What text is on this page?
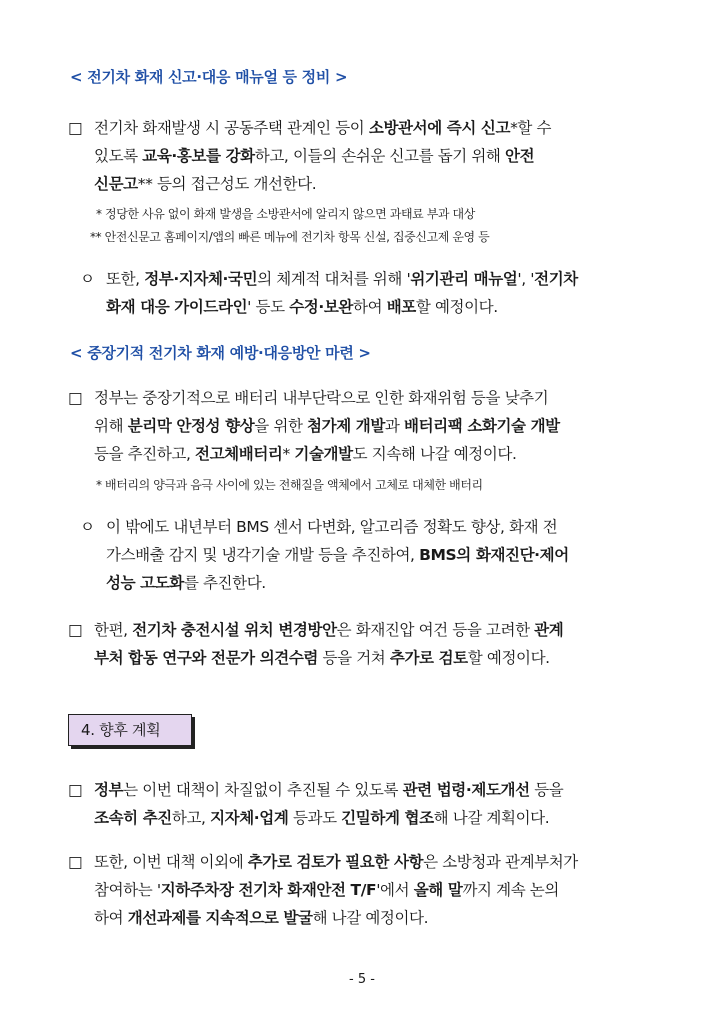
< 전기차 화재 신고·대응 매뉴얼 등 정비 >
□ 전기차 화재발생 시 공동주택 관계인 등이 소방관서에 즉시 신고*할 수
있도록 교육·홍보를 강화하고, 이들의 손쉬운 신고를 돕기 위해 안전
신문고** 등의 접근성도 개선한다.
* 정당한 사유 없이 화재 발생을 소방관서에 알리지 않으면 과태료 부과 대상
** 안전신문고 홈페이지/앱의 빠른 메뉴에 전기차 항목 신설, 집중신고제 운영 등
ㅇ 또한, 정부·지자체·국민의 체계적 대처를 위해 '위기관리 매뉴얼', '전기차
화재 대응 가이드라인' 등도 수정·보완하여 배포할 예정이다.
< 중장기적 전기차 화재 예방·대응방안 마련 >
□ 정부는 중장기적으로 배터리 내부단락으로 인한 화재위험 등을 낮추기
위해 분리막 안정성 향상을 위한 첨가제 개발과 배터리팩 소화기술 개발
등을 추진하고, 전고체배터리* 기술개발도 지속해 나갈 예정이다.
* 배터리의 양극과 음극 사이에 있는 전해질을 액체에서 고체로 대체한 배터리
ㅇ 이 밖에도 내년부터 BMS 센서 다변화, 알고리즘 정확도 향상, 화재 전
가스배출 감지 및 냉각기술 개발 등을 추진하여, BMS의 화재진단·제어
성능 고도화를 추진한다.
□ 한편, 전기차 충전시설 위치 변경방안은 화재진압 여건 등을 고려한 관계
부처 합동 연구와 전문가 의견수렴 등을 거쳐 추가로 검토할 예정이다.
4. 향후 계획
□ 정부는 이번 대책이 차질없이 추진될 수 있도록 관련 법령·제도개선 등을
조속히 추진하고, 지자체·업계 등과도 긴밀하게 협조해 나갈 계획이다.
□ 또한, 이번 대책 이외에 추가로 검토가 필요한 사항은 소방청과 관계부처가
참여하는 '지하주차장 전기차 화재안전 T/F'에서 올해 말까지 계속 논의
하여 개선과제를 지속적으로 발굴해 나갈 예정이다.
- 5 -
